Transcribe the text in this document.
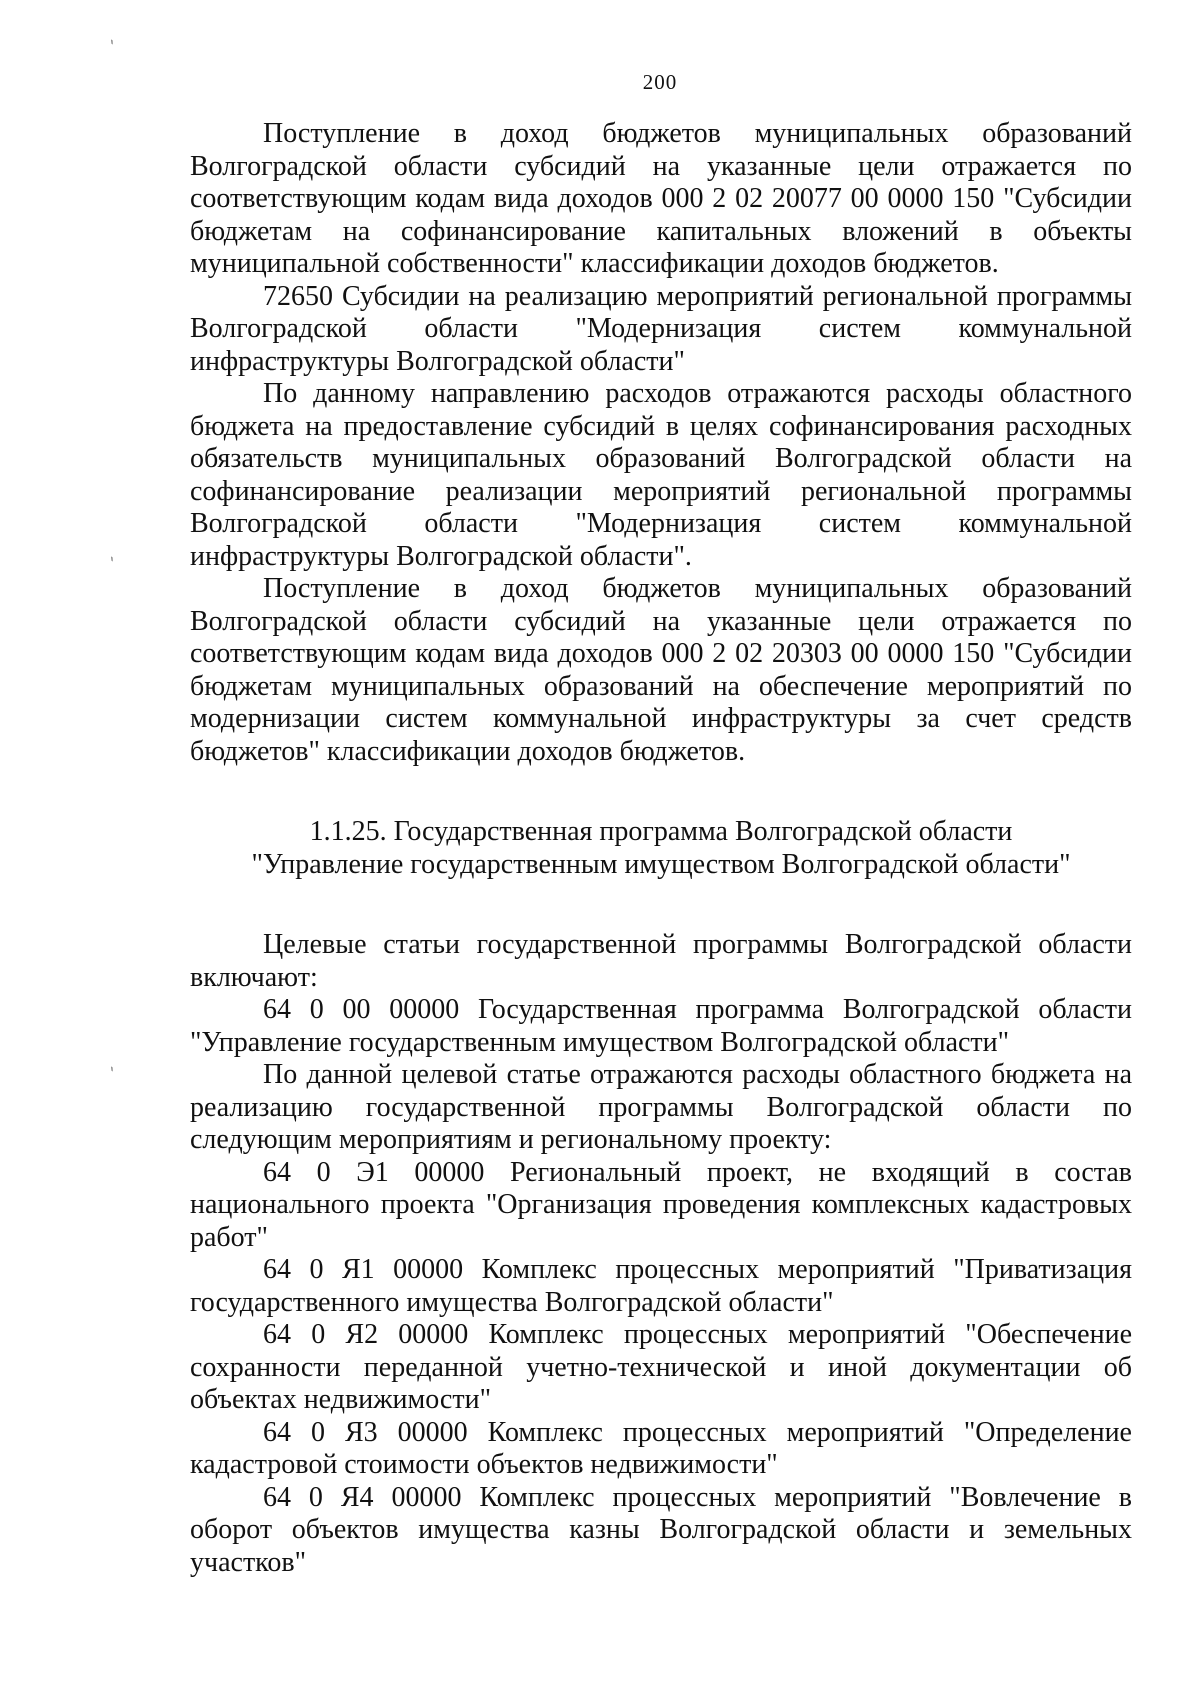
`
`
`
200

Поступление в доход бюджетов муниципальных образований Волгоградской области субсидий на указанные цели отражается по соответствующим кодам вида доходов 000 2 02 20077 00 0000 150 "Субсидии бюджетам на софинансирование капитальных вложений в объекты муниципальной собственности" классификации доходов бюджетов.

72650 Субсидии на реализацию мероприятий региональной программы Волгоградской области "Модернизация систем коммунальной инфраструктуры Волгоградской области"

По данному направлению расходов отражаются расходы областного бюджета на предоставление субсидий в целях софинансирования расходных обязательств муниципальных образований Волгоградской области на софинансирование реализации мероприятий региональной программы Волгоградской области "Модернизация систем коммунальной инфраструктуры Волгоградской области".

Поступление в доход бюджетов муниципальных образований Волгоградской области субсидий на указанные цели отражается по соответствующим кодам вида доходов 000 2 02 20303 00 0000 150 "Субсидии бюджетам муниципальных образований на обеспечение мероприятий по модернизации систем коммунальной инфраструктуры за счет средств бюджетов" классификации доходов бюджетов.

1.1.25. Государственная программа Волгоградской области
"Управление государственным имуществом Волгоградской области"

Целевые статьи государственной программы Волгоградской области включают:

64 0 00 00000 Государственная программа Волгоградской области "Управление государственным имуществом Волгоградской области"

По данной целевой статье отражаются расходы областного бюджета на реализацию государственной программы Волгоградской области по следующим мероприятиям и региональному проекту:

64 0 Э1 00000 Региональный проект, не входящий в состав национального проекта "Организация проведения комплексных кадастровых работ"

64 0 Я1 00000 Комплекс процессных мероприятий "Приватизация государственного имущества Волгоградской области"

64 0 Я2 00000 Комплекс процессных мероприятий "Обеспечение сохранности переданной учетно-технической и иной документации об объектах недвижимости"

64 0 Я3 00000 Комплекс процессных мероприятий "Определение кадастровой стоимости объектов недвижимости"

64 0 Я4 00000 Комплекс процессных мероприятий "Вовлечение в оборот объектов имущества казны Волгоградской области и земельных участков"
